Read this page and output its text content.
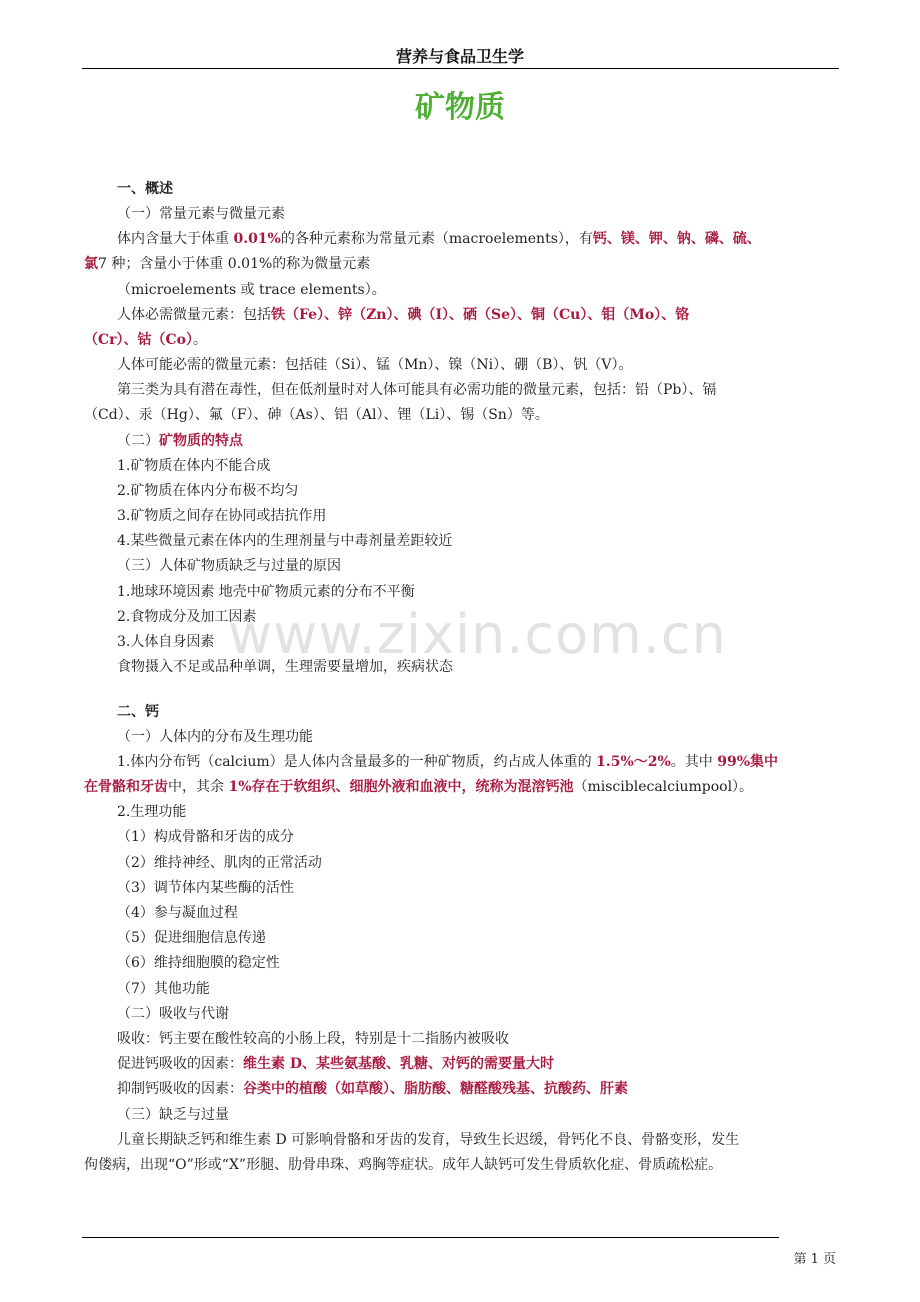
营养与食品卫生学
矿物质
一、概述
（一）常量元素与微量元素
体内含量大于体重 0.01%的各种元素称为常量元素（macroelements），有钙、镁、钾、钠、磷、硫、
氯7 种；含量小于体重 0.01%的称为微量元素
（microelements 或 trace elements）。
人体必需微量元素：包括铁（Fe）、锌（Zn）、碘（I）、硒（Se）、铜（Cu）、钼（Mo）、铬
（Cr）、钴（Co）。
人体可能必需的微量元素：包括硅（Si）、锰（Mn）、镍（Ni）、硼（B）、钒（V）。
第三类为具有潜在毒性，但在低剂量时对人体可能具有必需功能的微量元素，包括：铅（Pb）、镉
（Cd）、汞（Hg）、氟（F）、砷（As）、铝（Al）、锂（Li）、锡（Sn）等。
（二）矿物质的特点
1.矿物质在体内不能合成
2.矿物质在体内分布极不均匀
3.矿物质之间存在协同或拮抗作用
4.某些微量元素在体内的生理剂量与中毒剂量差距较近
（三）人体矿物质缺乏与过量的原因
1.地球环境因素 地壳中矿物质元素的分布不平衡
2.食物成分及加工因素
3.人体自身因素
食物摄入不足或品种单调，生理需要量增加，疾病状态
二、钙
（一）人体内的分布及生理功能
1.体内分布钙（calcium）是人体内含量最多的一种矿物质，约占成人体重的 1.5%～2%。其中 99%集中
在骨骼和牙齿中，其余 1%存在于软组织、细胞外液和血液中，统称为混溶钙池（misciblecalciumpool）。
2.生理功能
（1）构成骨骼和牙齿的成分
（2）维持神经、肌肉的正常活动
（3）调节体内某些酶的活性
（4）参与凝血过程
（5）促进细胞信息传递
（6）维持细胞膜的稳定性
（7）其他功能
（二）吸收与代谢
吸收：钙主要在酸性较高的小肠上段，特别是十二指肠内被吸收
促进钙吸收的因素：维生素 D、某些氨基酸、乳糖、对钙的需要量大时
抑制钙吸收的因素：谷类中的植酸（如草酸）、脂肪酸、糖醛酸残基、抗酸药、肝素
（三）缺乏与过量
儿童长期缺乏钙和维生素 D 可影响骨骼和牙齿的发育，导致生长迟缓，骨钙化不良、骨骼变形，发生
佝偻病，出现“O”形或“X”形腿、肋骨串珠、鸡胸等症状。成年人缺钙可发生骨质软化症、骨质疏松症。
www.zixin.com.cn
第 1 页
